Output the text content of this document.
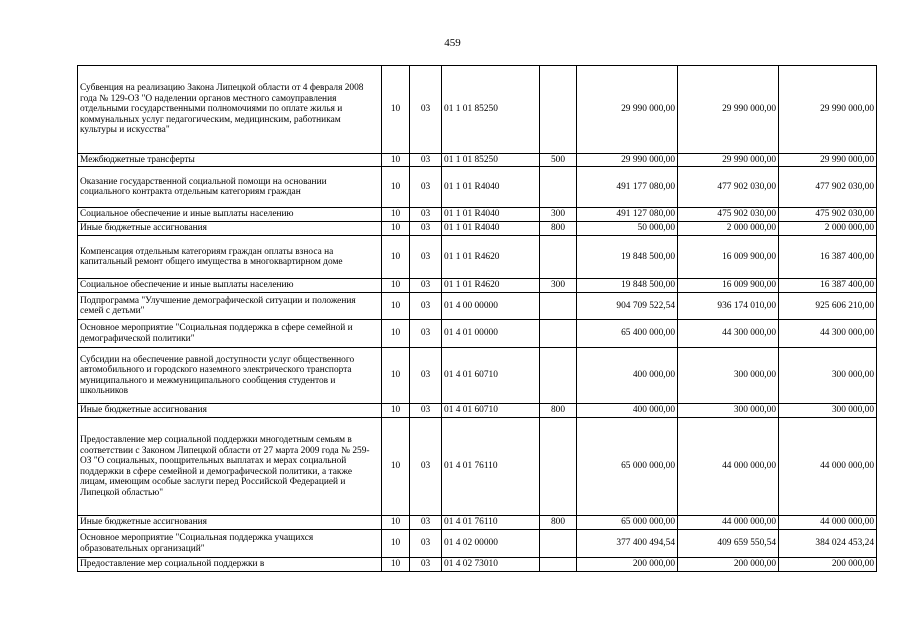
459
Субвенция на реализацию Закона Липецкой области от 4 февраля 2008 года № 129-ОЗ "О наделении органов местного самоуправления отдельными государственными полномочиями по оплате жилья и коммунальных услуг педагогическим, медицинским, работникам культуры и искусства"	10	03	01 1 01 85250		29 990 000,00	29 990 000,00	29 990 000,00
Межбюджетные трансферты	10	03	01 1 01 85250	500	29 990 000,00	29 990 000,00	29 990 000,00
Оказание государственной социальной помощи на основании социального контракта отдельным категориям граждан	10	03	01 1 01 R4040		491 177 080,00	477 902 030,00	477 902 030,00
Социальное обеспечение и иные выплаты населению	10	03	01 1 01 R4040	300	491 127 080,00	475 902 030,00	475 902 030,00
Иные бюджетные ассигнования	10	03	01 1 01 R4040	800	50 000,00	2 000 000,00	2 000 000,00
Компенсация отдельным категориям граждан оплаты взноса на капитальный ремонт общего имущества в многоквартирном доме	10	03	01 1 01 R4620		19 848 500,00	16 009 900,00	16 387 400,00
Социальное обеспечение и иные выплаты населению	10	03	01 1 01 R4620	300	19 848 500,00	16 009 900,00	16 387 400,00
Подпрограмма "Улучшение демографической ситуации и положения семей с детьми"	10	03	01 4 00 00000		904 709 522,54	936 174 010,00	925 606 210,00
Основное мероприятие "Социальная поддержка в сфере семейной и демографической политики"	10	03	01 4 01 00000		65 400 000,00	44 300 000,00	44 300 000,00
Субсидии на обеспечение равной доступности услуг общественного автомобильного и городского наземного электрического транспорта муниципального и межмуниципального сообщения студентов и школьников	10	03	01 4 01 60710		400 000,00	300 000,00	300 000,00
Иные бюджетные ассигнования	10	03	01 4 01 60710	800	400 000,00	300 000,00	300 000,00
Предоставление мер социальной поддержки многодетным семьям в соответствии с Законом Липецкой области от 27 марта 2009 года № 259-ОЗ "О социальных, поощрительных выплатах и мерах социальной поддержки в сфере семейной и демографической политики, а также лицам, имеющим особые заслуги перед Российской Федерацией и Липецкой областью"	10	03	01 4 01 76110		65 000 000,00	44 000 000,00	44 000 000,00
Иные бюджетные ассигнования	10	03	01 4 01 76110	800	65 000 000,00	44 000 000,00	44 000 000,00
Основное мероприятие "Социальная поддержка учащихся образовательных организаций"	10	03	01 4 02 00000		377 400 494,54	409 659 550,54	384 024 453,24
Предоставление мер социальной поддержки в	10	03	01 4 02 73010		200 000,00	200 000,00	200 000,00
